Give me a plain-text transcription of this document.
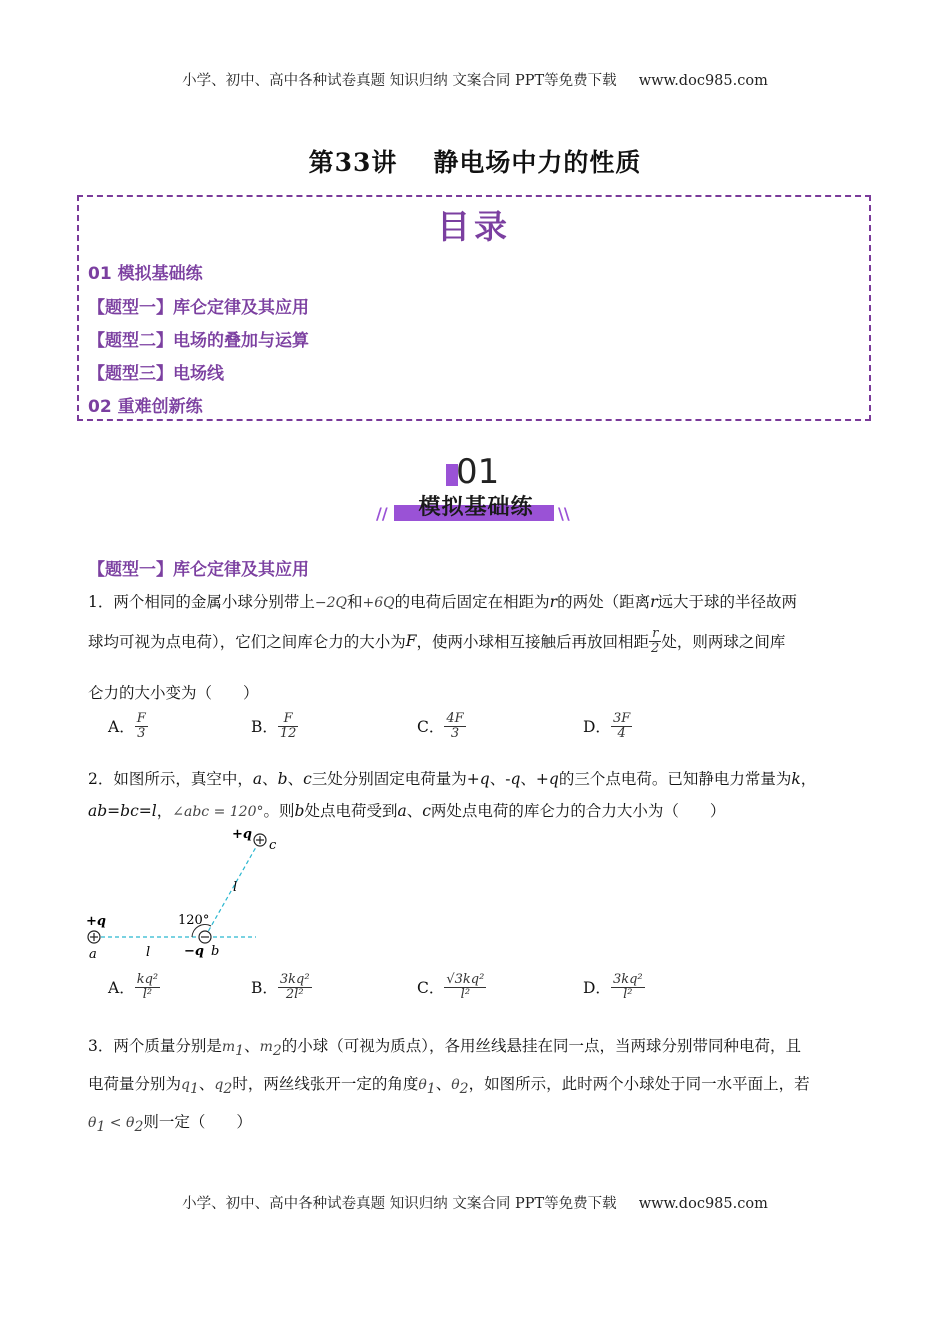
小学、初中、高中各种试卷真题 知识归纳 文案合同 PPT等免费下载 www.doc985.com
第33讲 静电场中力的性质
目录
01 模拟基础练
【题型一】库仑定律及其应用
【题型二】电场的叠加与运算
【题型三】电场线
02 重难创新练
01
模拟基础练
//	\\
【题型一】库仑定律及其应用
1．两个相同的金属小球分别带上−2Q和+6Q的电荷后固定在相距为r的两处（距离r远大于球的半径故两
球均可视为点电荷），它们之间库仑力的大小为F，使两小球相互接触后再放回相距 $\frac{r}{2}$ 处，则两球之间库
仑力的大小变为（　　）
A． $\frac{F}{3}$	B． $\frac{F}{12}$	C． $\frac{4F}{3}$	D． $\frac{3F}{4}$
2．如图所示，真空中，a、b、c三处分别固定电荷量为+q、-q、+q的三个点电荷。已知静电力常量为k，
ab=bc=l，∠abc = 120°。则b处点电荷受到a、c两处点电荷的库仑力的合力大小为（　　）
+q
c
l
120°
+q
a	l	−q b
A． $\frac{\text{kq²}}{\text{l²}}$	B． $\frac{\text{3kq²}}{\text{2l²}}$	C． $\frac{\text{√3kq²}}{\text{l²}}$	D． $\frac{\text{3kq²}}{\text{l²}}$
3．两个质量分别是$m_1$、$m_2$的小球（可视为质点），各用丝线悬挂在同一点，当两球分别带同种电荷，且
电荷量分别为$q_1$、$q_2$时，两丝线张开一定的角度$\theta_1$、$\theta_2$，如图所示，此时两个小球处于同一水平面上，若
$\theta_1 < \theta_2$则一定（　　）
小学、初中、高中各种试卷真题 知识归纳 文案合同 PPT等免费下载 www.doc985.com
